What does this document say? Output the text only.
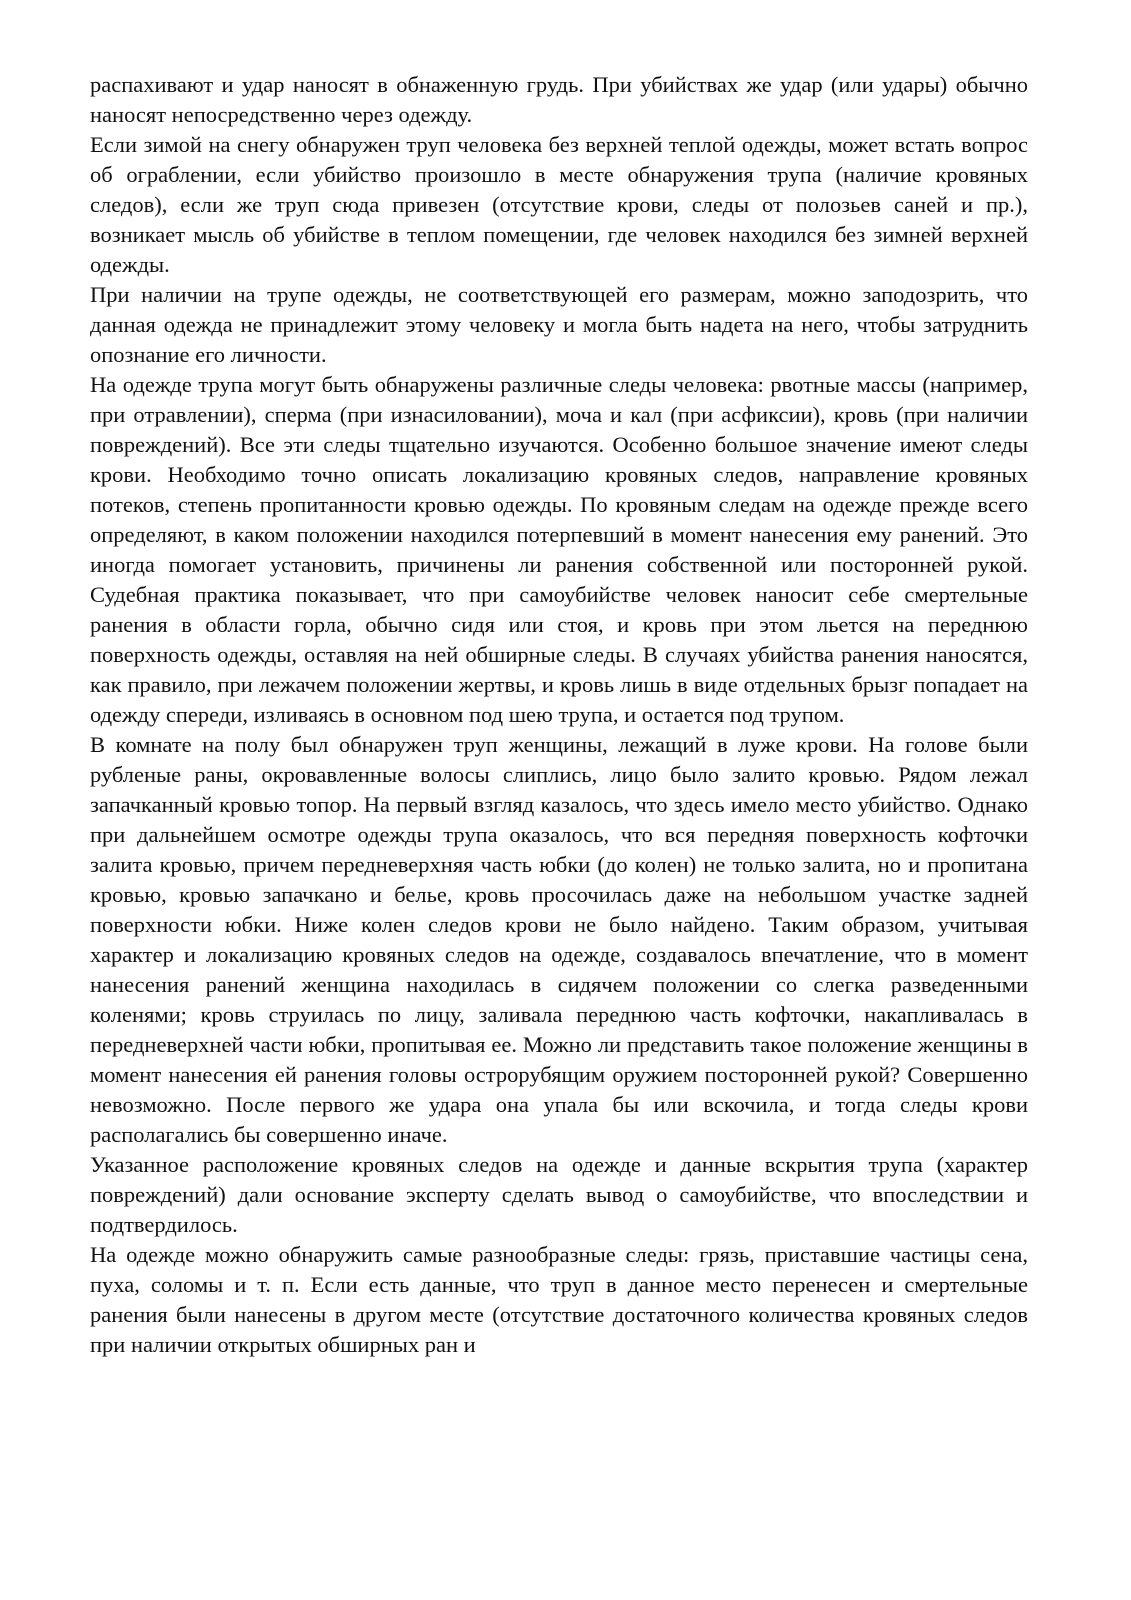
распахивают и удар наносят в обнаженную грудь. При убийствах же удар (или удары) обычно наносят непосредственно через одежду.

Если зимой на снегу обнаружен труп человека без верхней теплой одежды, может встать вопрос об ограблении, если убийство произошло в месте обнаружения трупа (наличие кровяных следов), если же труп сюда привезен (отсутствие крови, следы от полозьев саней и пр.), возникает мысль об убийстве в теплом помещении, где человек находился без зимней верхней одежды.

При наличии на трупе одежды, не соответствующей его размерам, можно заподозрить, что данная одежда не принадлежит этому человеку и могла быть надета на него, чтобы затруднить опознание его личности.

На одежде трупа могут быть обнаружены различные следы человека: рвотные массы (например, при отравлении), сперма (при изнасиловании), моча и кал (при асфиксии), кровь (при наличии повреждений). Все эти следы тщательно изучаются. Особенно большое значение имеют следы крови. Необходимо точно описать локализацию кровяных следов, направление кровяных потеков, степень пропитанности кровью одежды. По кровяным следам на одежде прежде всего определяют, в каком положении находился потерпевший в момент нанесения ему ранений. Это иногда помогает установить, причинены ли ранения собственной или посторонней рукой. Судебная практика показывает, что при самоубийстве человек наносит себе смертельные ранения в области горла, обычно сидя или стоя, и кровь при этом льется на переднюю поверхность одежды, оставляя на ней обширные следы. В случаях убийства ранения наносятся, как правило, при лежачем положении жертвы, и кровь лишь в виде отдельных брызг попадает на одежду спереди, изливаясь в основном под шею трупа, и остается под трупом.

В комнате на полу был обнаружен труп женщины, лежащий в луже крови. На голове были рубленые раны, окровавленные волосы слиплись, лицо было залито кровью. Рядом лежал запачканный кровью топор. На первый взгляд казалось, что здесь имело место убийство. Однако при дальнейшем осмотре одежды трупа оказалось, что вся передняя поверхность кофточки залита кровью, причем передневерхняя часть юбки (до колен) не только залита, но и пропитана кровью, кровью запачкано и белье, кровь просочилась даже на небольшом участке задней поверхности юбки. Ниже колен следов крови не было найдено. Таким образом, учитывая характер и локализацию кровяных следов на одежде, создавалось впечатление, что в момент нанесения ранений женщина находилась в сидячем положении со слегка разведенными коленями; кровь струилась по лицу, заливала переднюю часть кофточки, накапливалась в передневерхней части юбки, пропитывая ее. Можно ли представить такое положение женщины в момент нанесения ей ранения головы острорубящим оружием посторонней рукой? Совершенно невозможно. После первого же удара она упала бы или вскочила, и тогда следы крови располагались бы совершенно иначе.

Указанное расположение кровяных следов на одежде и данные вскрытия трупа (характер повреждений) дали основание эксперту сделать вывод о самоубийстве, что впоследствии и подтвердилось.

На одежде можно обнаружить самые разнообразные следы: грязь, приставшие частицы сена, пуха, соломы и т. п. Если есть данные, что труп в данное место перенесен и смертельные ранения были нанесены в другом месте (отсутствие достаточного количества кровяных следов при наличии открытых обширных ран и
